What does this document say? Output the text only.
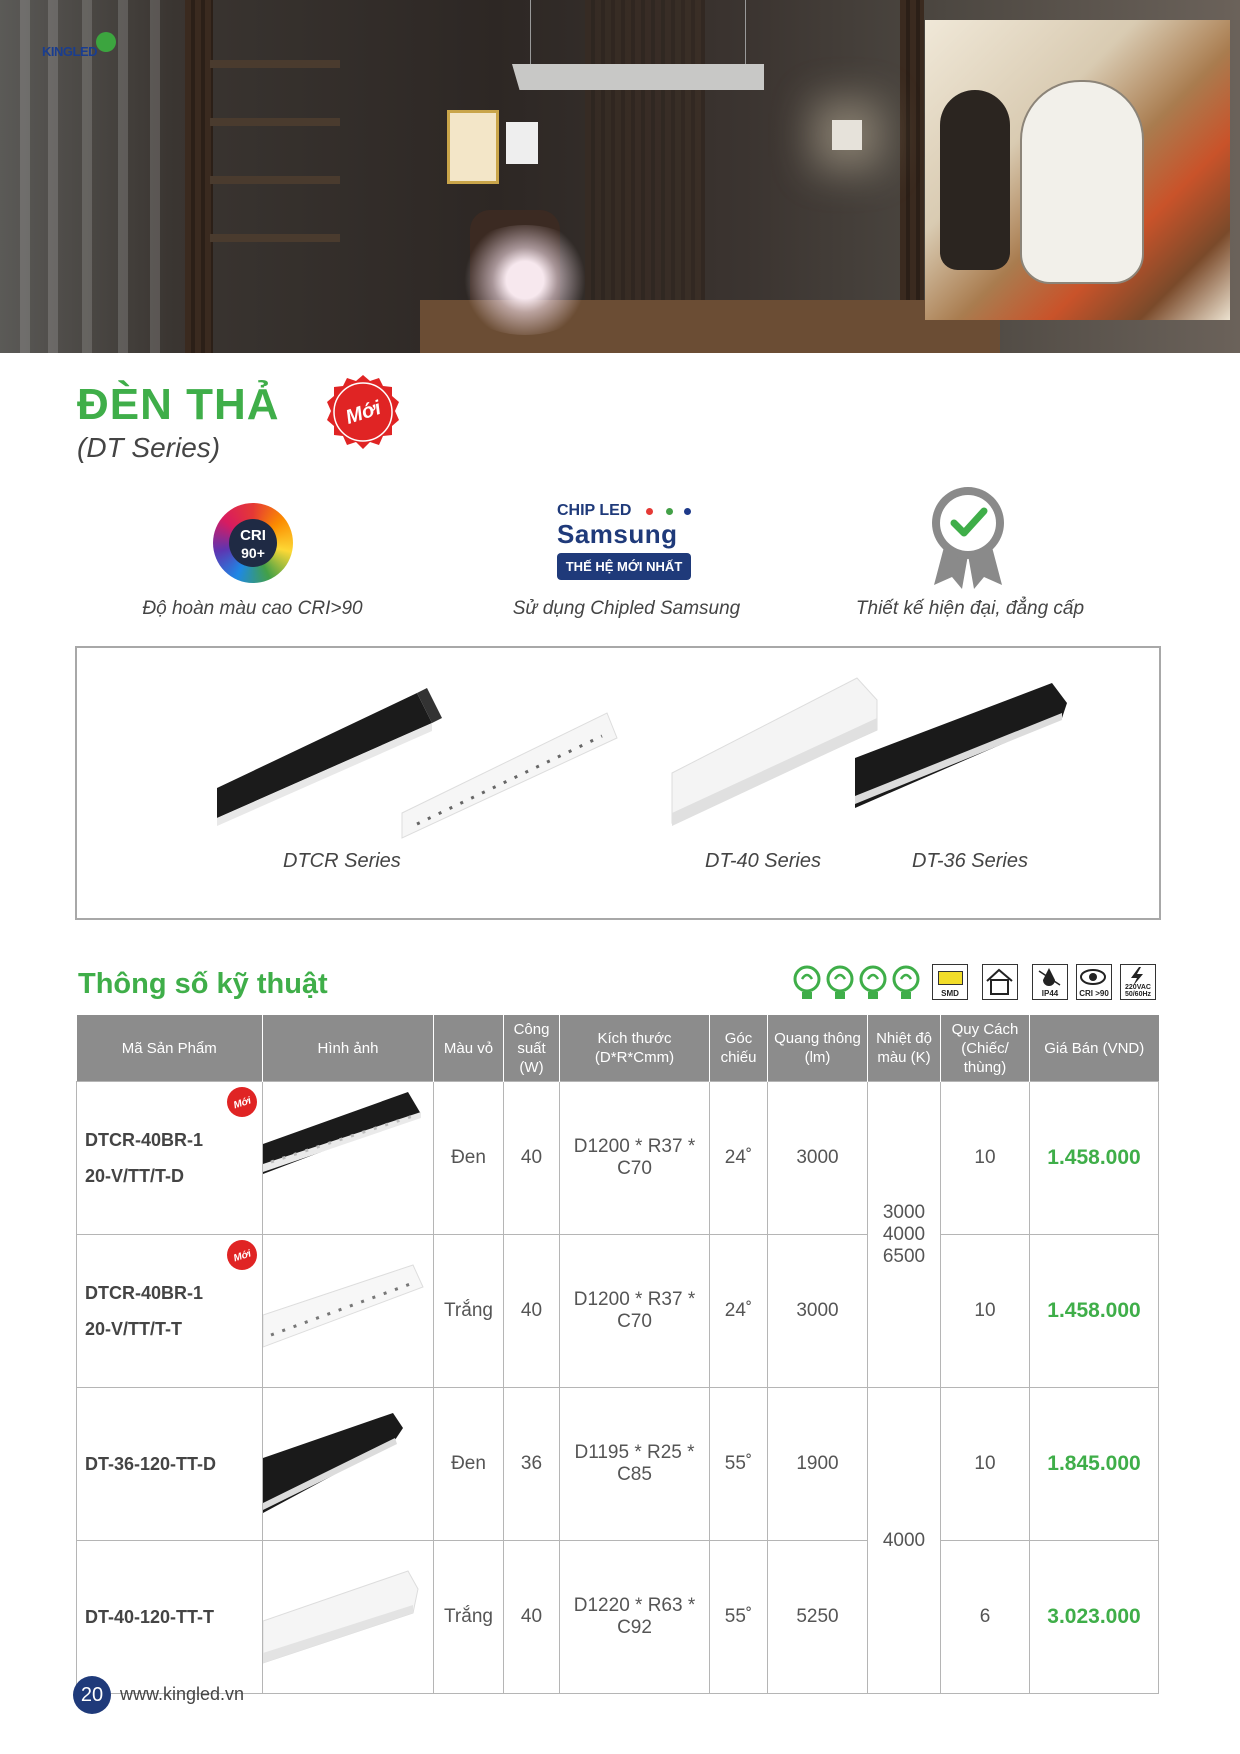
KINGLED
ĐÈN THẢ
(DT Series)
Mới
CRI
90+
Độ hoàn màu cao CRI>90
CHIP LED
Samsung
THẾ HỆ MỚI NHẤT
Sử dụng Chipled Samsung	Thiết kế hiện đại, đẳng cấp
DTCR Series	DT-40 Series	DT-36 Series
Thông số kỹ thuật	SMD	IP44	CRI >90
220VAC 50/60Hz
Mã Sản Phẩm	Hình ảnh	Màu vỏ	Công suất (W)	Kích thước (D*R*Cmm)	Góc chiếu	Quang thông (lm)	Nhiệt độ màu (K)	Quy Cách (Chiếc/ thùng)	Giá Bán (VND)

Mới
DTCR-40BR-120-V/TT/T-D		Đen	40	D1200 * R37 * C70	24˚	3000	3000 4000 6500	10	1.458.000

Mới
DTCR-40BR-120-V/TT/T-T		Trắng	40	D1200 * R37 * C70	24˚	3000		10	1.458.000

DT-36-120-TT-D		Đen	36	D1195 * R25 * C85	55˚	1900	4000	10	1.845.000

DT-40-120-TT-T		Trắng	40	D1220 * R63 * C92	55˚	5250		6	3.023.000
20 www.kingled.vn
